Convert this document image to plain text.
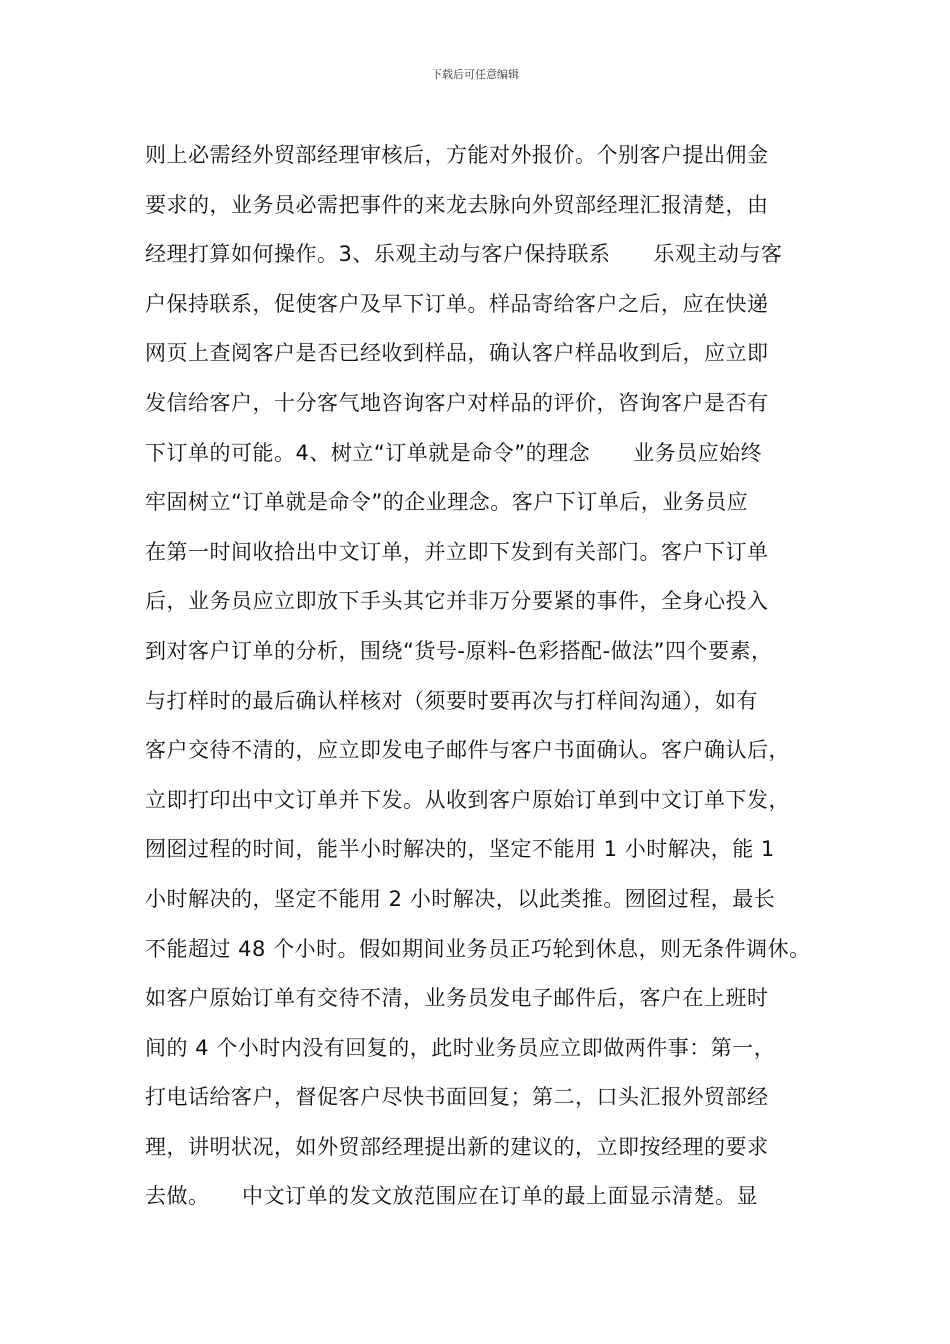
下载后可任意编辑
则上必需经外贸部经理审核后，方能对外报价。个别客户提出佣金
要求的，业务员必需把事件的来龙去脉向外贸部经理汇报清楚，由
经理打算如何操作。3、乐观主动与客户保持联系　　乐观主动与客
户保持联系，促使客户及早下订单。样品寄给客户之后，应在快递
网页上查阅客户是否已经收到样品，确认客户样品收到后，应立即
发信给客户，十分客气地咨询客户对样品的评价，咨询客户是否有
下订单的可能。4、树立“订单就是命令”的理念　　业务员应始终
牢固树立“订单就是命令”的企业理念。客户下订单后，业务员应
在第一时间收拾出中文订单，并立即下发到有关部门。客户下订单
后，业务员应立即放下手头其它并非万分要紧的事件，全身心投入
到对客户订单的分析，围绕“货号-原料-色彩搭配-做法”四个要素，
与打样时的最后确认样核对（须要时要再次与打样间沟通），如有
客户交待不清的，应立即发电子邮件与客户书面确认。客户确认后，
立即打印出中文订单并下发。从收到客户原始订单到中文订单下发，
囫囵过程的时间，能半小时解决的，坚定不能用 1 小时解决，能 1
小时解决的，坚定不能用 2 小时解决，以此类推。囫囵过程，最长
不能超过 48 个小时。假如期间业务员正巧轮到休息，则无条件调休。
如客户原始订单有交待不清，业务员发电子邮件后，客户在上班时
间的 4 个小时内没有回复的，此时业务员应立即做两件事：第一，
打电话给客户，督促客户尽快书面回复；第二，口头汇报外贸部经
理，讲明状况，如外贸部经理提出新的建议的，立即按经理的要求
去做。　　中文订单的发文放范围应在订单的最上面显示清楚。显
